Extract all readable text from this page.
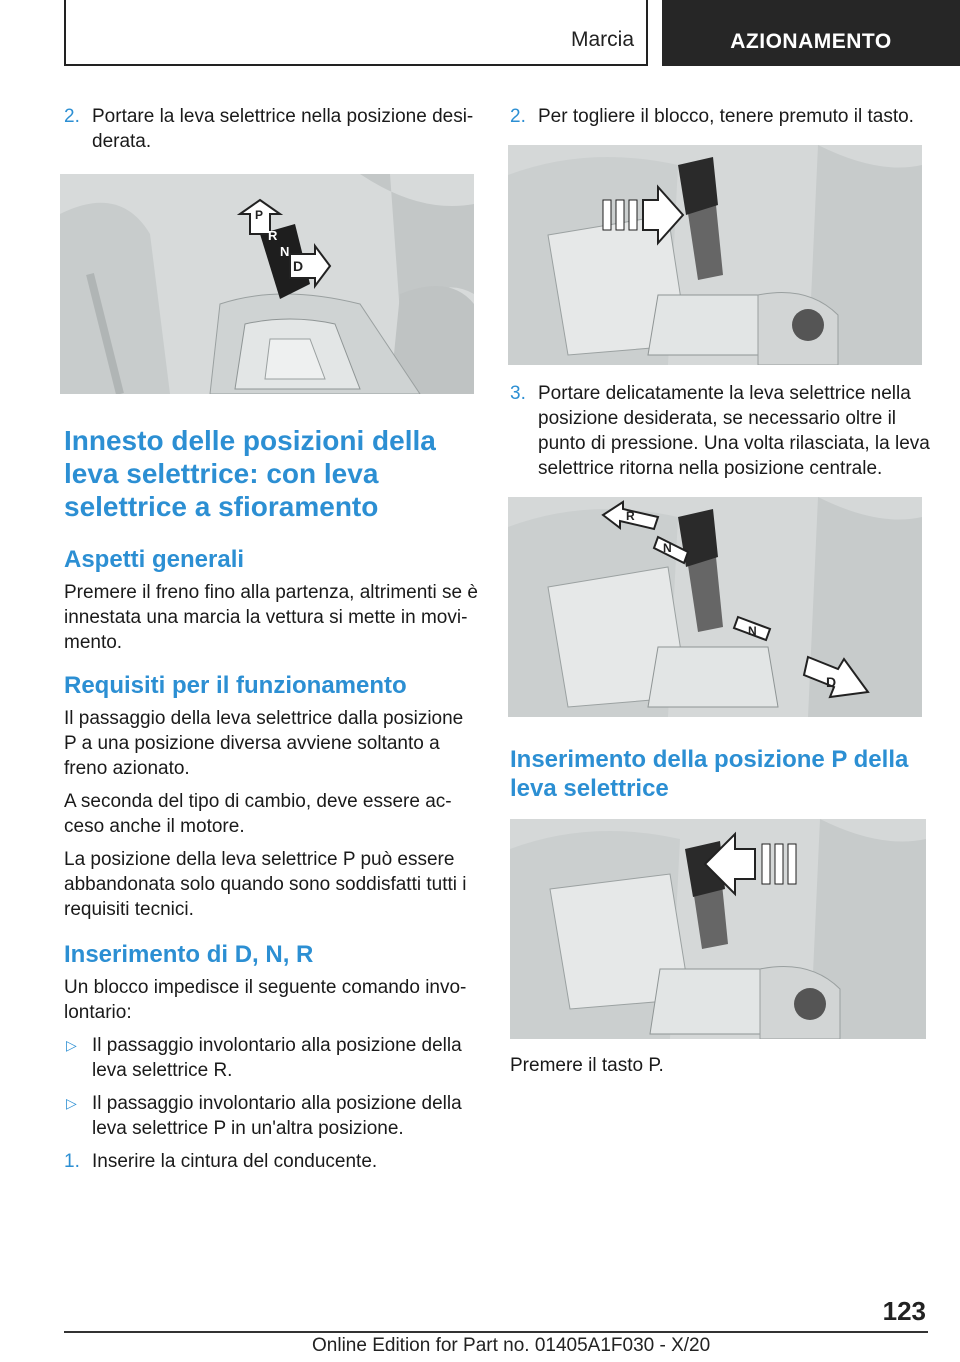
Marcia	AZIONAMENTO
2. Portare la leva selettrice nella posizione desi-derata.
P
R
N
D
Innesto delle posizioni della leva selettrice: con leva selettrice a sfioramento
Aspetti generali

Premere il freno fino alla partenza, altrimenti se è innestata una marcia la vettura si mette in movi-mento.

Requisiti per il funzionamento

Il passaggio della leva selettrice dalla posizione P a una posizione diversa avviene soltanto a freno azionato.

A seconda del tipo di cambio, deve essere ac-ceso anche il motore.

La posizione della leva selettrice P può essere abbandonata solo quando sono soddisfatti tutti i requisiti tecnici.

Inserimento di D, N, R

Un blocco impedisce il seguente comando invo-lontario:

▷ Il passaggio involontario alla posizione della leva selettrice R.
▷ Il passaggio involontario alla posizione della leva selettrice P in un'altra posizione.
1. Inserire la cintura del conducente.
2. Per togliere il blocco, tenere premuto il tasto.
3. Portare delicatamente la leva selettrice nella posizione desiderata, se necessario oltre il punto di pressione. Una volta rilasciata, la leva selettrice ritorna nella posizione centrale.
R
N
N
D
Inserimento della posizione P della leva selettrice

Premere il tasto P.

123
Online Edition for Part no. 01405A1F030 - X/20
